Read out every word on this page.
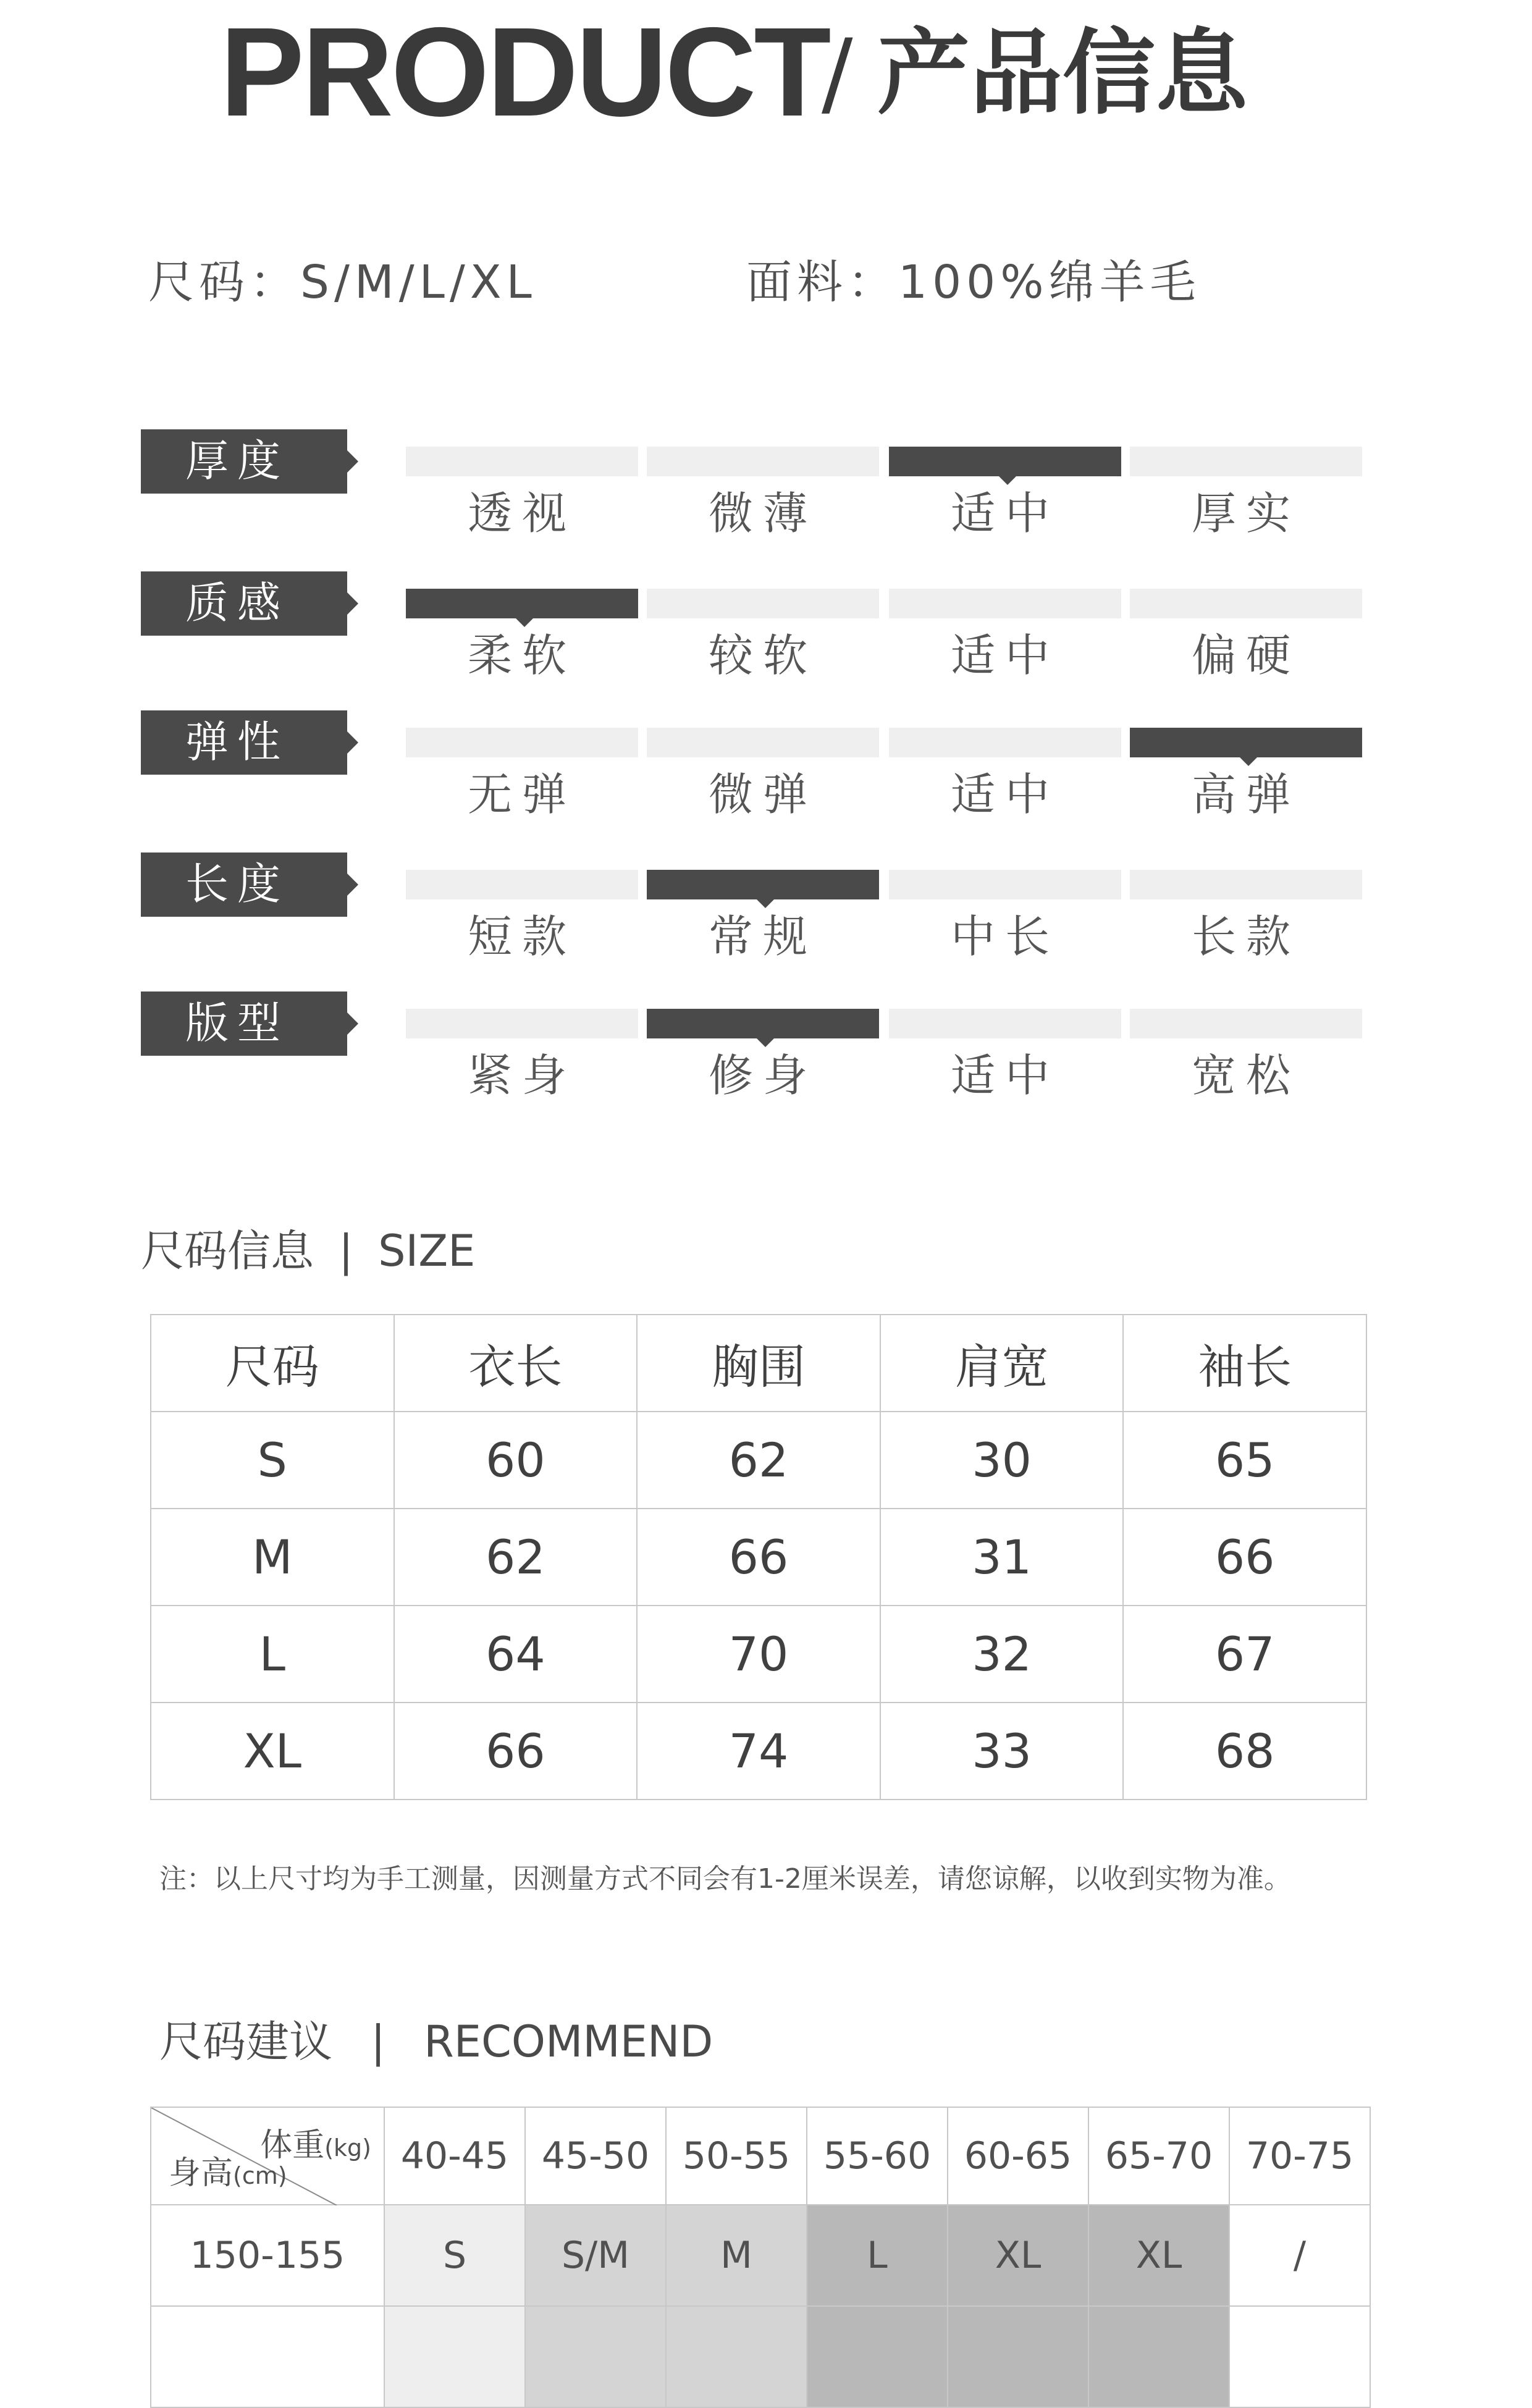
PRODUCT
/ 产品信息
尺码：S/M/L/XL	面料：100%绵羊毛
厚度
透视	微薄	适中	厚实
质感
柔软	较软	适中	偏硬
弹性
无弹	微弹	适中	高弹
长度
短款	常规	中长	长款
版型
紧身	修身	适中	宽松
尺码信息 | SIZE
尺码	衣长	胸围	肩宽	袖长
S	60	62	30	65
M	62	66	31	66
L	64	70	32	67
XL	66	74	33	68
注：以上尺寸均为手工测量，因测量方式不同会有1-2厘米误差，请您谅解，以收到实物为准。
尺码建议 | RECOMMEND
体重(kg)
身高(cm)	40-45	45-50	50-55	55-60	60-65	65-70	70-75
150-155	S	S/M	M	L	XL	XL	/
